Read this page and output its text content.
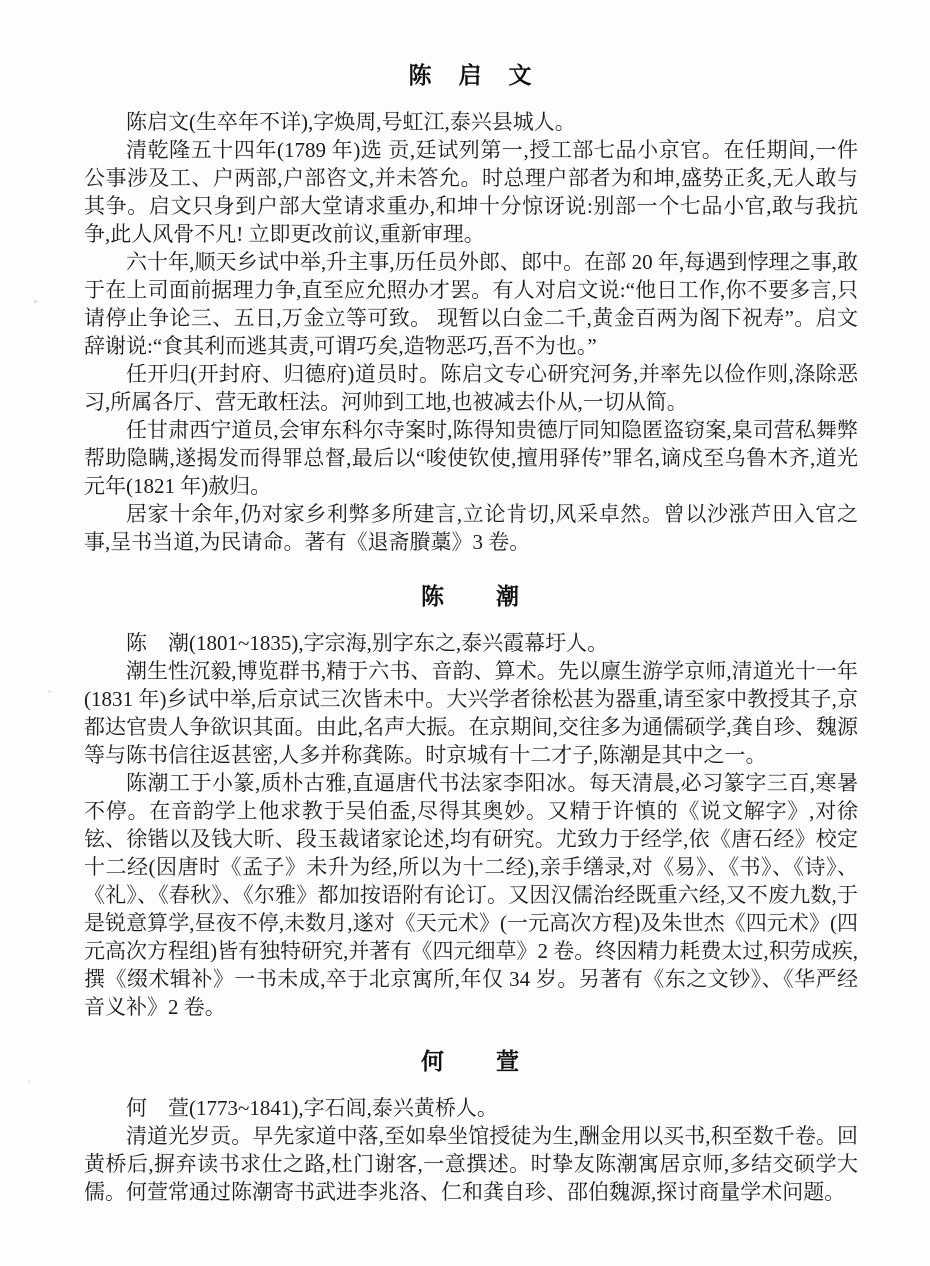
陈　启　文

陈启文(生卒年不详),字焕周,号虹江,泰兴县城人。

清乾隆五十四年(1789 年)选 贡,廷试列第一,授工部七品小京官。在任期间,一件公事涉及工、户两部,户部咨文,并未答允。时总理户部者为和坤,盛势正炙,无人敢与其争。启文只身到户部大堂请求重办,和坤十分惊讶说:别部一个七品小官,敢与我抗争,此人风骨不凡! 立即更改前议,重新审理。

六十年,顺天乡试中举,升主事,历任员外郎、郎中。在部 20 年,每遇到悖理之事,敢于在上司面前据理力争,直至应允照办才罢。有人对启文说:“他日工作,你不要多言,只请停止争论三、五日,万金立等可致。 现暂以白金二千,黄金百两为阁下祝寿”。启文辞谢说:“食其利而逃其责,可谓巧矣,造物恶巧,吾不为也。”

任开归(开封府、归德府)道员时。陈启文专心研究河务,并率先以俭作则,涤除恶习,所属各厅、营无敢枉法。河帅到工地,也被减去仆从,一切从简。

任甘肃西宁道员,会审东科尔寺案时,陈得知贵德厅同知隐匿盗窃案,臬司营私舞弊帮助隐瞒,遂揭发而得罪总督,最后以“唆使钦使,擅用驿传”罪名,谪戍至乌鲁木齐,道光元年(1821 年)赦归。

居家十余年,仍对家乡利弊多所建言,立论肯切,风采卓然。曾以沙涨芦田入官之事,呈书当道,为民请命。著有《退斋賸藁》3 卷。

陈　　潮

陈　潮(1801~1835),字宗海,别字东之,泰兴霞幕圩人。

潮生性沉毅,博览群书,精于六书、音韵、算术。先以廪生游学京师,清道光十一年(1831 年)乡试中举,后京试三次皆未中。大兴学者徐松甚为器重,请至家中教授其子,京都达官贵人争欲识其面。由此,名声大振。在京期间,交往多为通儒硕学,龚自珍、魏源等与陈书信往返甚密,人多并称龚陈。时京城有十二才子,陈潮是其中之一。

陈潮工于小篆,质朴古雅,直逼唐代书法家李阳冰。每天清晨,必习篆字三百,寒暑不停。在音韵学上他求教于吴伯盉,尽得其奥妙。又精于许慎的《说文解字》,对徐铉、徐锴以及钱大昕、段玉裁诸家论述,均有研究。尤致力于经学,依《唐石经》校定十二经(因唐时《孟子》未升为经,所以为十二经),亲手缮录,对《易》、《书》、《诗》、《礼》、《春秋》、《尔雅》都加按语附有论订。又因汉儒治经既重六经,又不废九数,于是锐意算学,昼夜不停,未数月,遂对《天元术》(一元高次方程)及朱世杰《四元术》(四元高次方程组)皆有独特研究,并著有《四元细草》2 卷。终因精力耗费太过,积劳成疾,撰《缀术辑补》一书未成,卒于北京寓所,年仅 34 岁。另著有《东之文钞》、《华严经音义补》2 卷。

何　　萱

何　萱(1773~1841),字石闾,泰兴黄桥人。

清道光岁贡。早先家道中落,至如皋坐馆授徒为生,酬金用以买书,积至数千卷。回黄桥后,摒弃读书求仕之路,杜门谢客,一意撰述。时挚友陈潮寓居京师,多结交硕学大儒。何萱常通过陈潮寄书武进李兆洛、仁和龚自珍、邵伯魏源,探讨商量学术问题。
